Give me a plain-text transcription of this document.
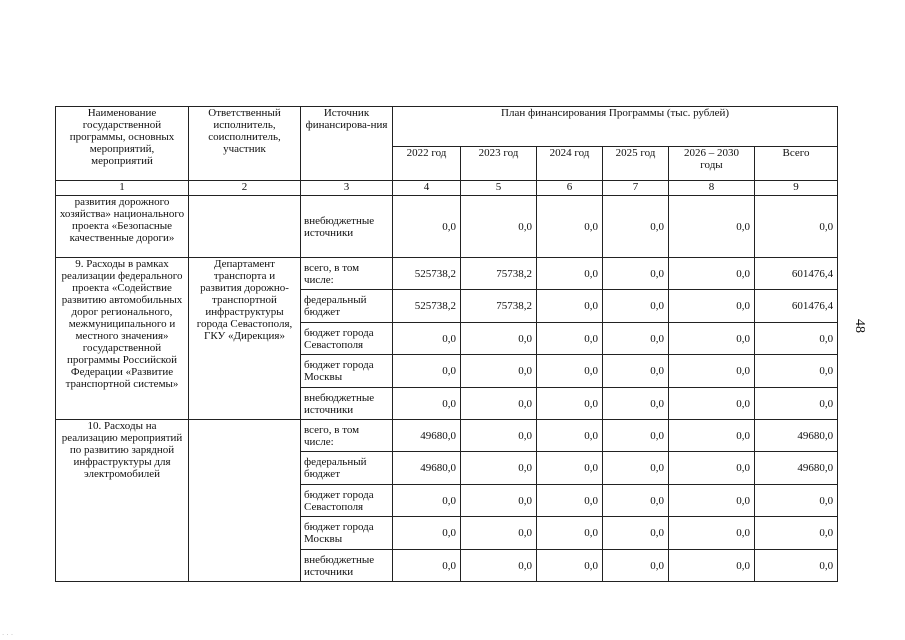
Наименование государственной программы, основных мероприятий, мероприятий	Ответственный исполнитель, соисполнитель, участник	Источник финансирова-ния	План финансирования Программы (тыс. рублей)					
			2022 год	2023 год	2024 год	2025 год	2026 – 2030 годы	Всего
1	2	3	4	5	6	7	8	9
развития дорожного хозяйства» национального проекта «Безопасные качественные дороги»		внебюджетные источники	0,0	0,0	0,0	0,0	0,0	0,0
9. Расходы в рамках реализации федерального проекта «Содействие развитию автомобильных дорог регионального, межмуниципального и местного значения» государственной программы Российской Федерации «Развитие транспортной системы»	Департамент транспорта и развития дорожно-транспортной инфраструктуры города Севастополя, ГКУ «Дирекция»	всего, в том числе:	525738,2	75738,2	0,0	0,0	0,0	601476,4
		федеральный бюджет	525738,2	75738,2	0,0	0,0	0,0	601476,4
		бюджет города Севастополя	0,0	0,0	0,0	0,0	0,0	0,0
		бюджет города Москвы	0,0	0,0	0,0	0,0	0,0	0,0
		внебюджетные источники	0,0	0,0	0,0	0,0	0,0	0,0
10. Расходы на реализацию мероприятий по развитию зарядной инфраструктуры для электромобилей		всего, в том числе:	49680,0	0,0	0,0	0,0	0,0	49680,0
		федеральный бюджет	49680,0	0,0	0,0	0,0	0,0	49680,0
		бюджет города Севастополя	0,0	0,0	0,0	0,0	0,0	0,0
		бюджет города Москвы	0,0	0,0	0,0	0,0	0,0	0,0
		внебюджетные источники	0,0	0,0	0,0	0,0	0,0	0,0
48
. . .
